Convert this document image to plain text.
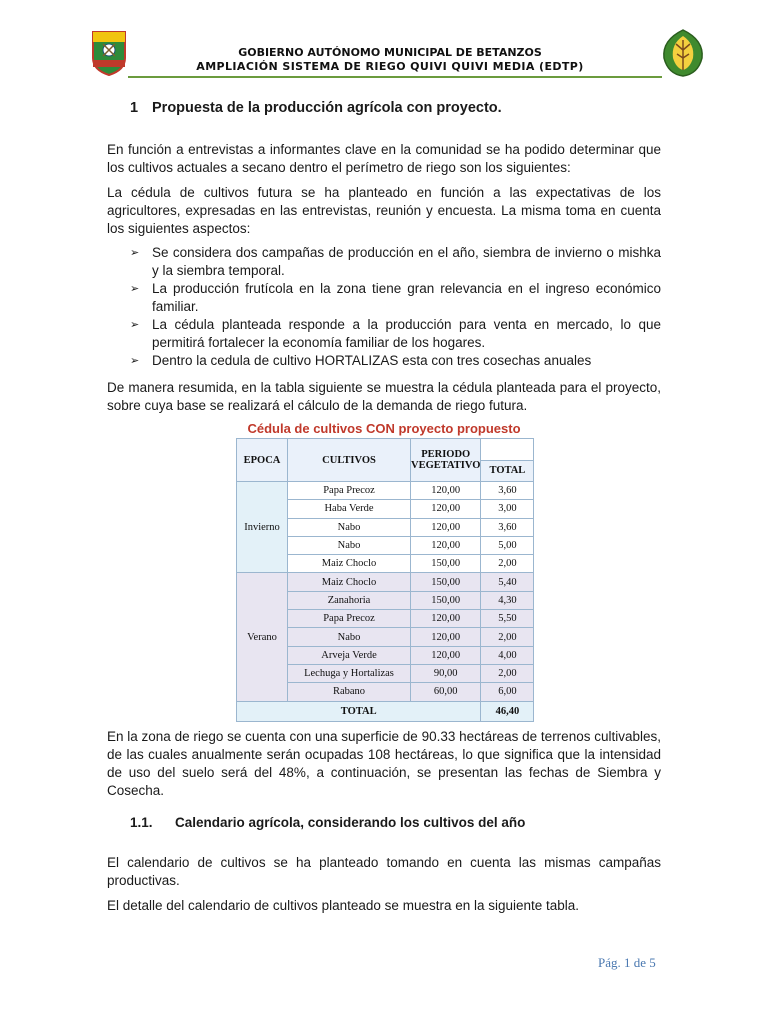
GOBIERNO AUTÓNOMO MUNICIPAL DE BETANZOS
AMPLIACIÓN SISTEMA DE RIEGO QUIVI QUIVI MEDIA (EDTP)
1 Propuesta de la producción agrícola con proyecto.

En función a entrevistas a informantes clave en la comunidad se ha podido determinar que los cultivos actuales a secano dentro el perímetro de riego son los siguientes:

La cédula de cultivos futura se ha planteado en función a las expectativas de los agricultores, expresadas en las entrevistas, reunión y encuesta. La misma toma en cuenta los siguientes aspectos:

➢ Se considera dos campañas de producción en el año, siembra de invierno o mishka y la siembra temporal.
➢ La producción frutícola en la zona tiene gran relevancia en el ingreso económico familiar.
➢ La cédula planteada responde a la producción para venta en mercado, lo que permitirá fortalecer la economía familiar de los hogares.
➢ Dentro la cedula de cultivo HORTALIZAS esta con tres cosechas anuales

De manera resumida, en la tabla siguiente se muestra la cédula planteada para el proyecto, sobre cuya base se realizará el cálculo de la demanda de riego futura.

Cédula de cultivos CON proyecto propuesto
EPOCA	CULTIVOS	PERIODO VEGETATIVO	
			TOTAL
Invierno	Papa Precoz	120,00	3,60
	Haba Verde	120,00	3,00
	Nabo	120,00	3,60
	Nabo	120,00	5,00
	Maiz Choclo	150,00	2,00
Verano	Maiz Choclo	150,00	5,40
	Zanahoria	150,00	4,30
	Papa Precoz	120,00	5,50
	Nabo	120,00	2,00
	Arveja Verde	120,00	4,00
	Lechuga y Hortalizas	90,00	2,00
	Rabano	60,00	6,00
TOTAL			46,40

En la zona de riego se cuenta con una superficie de 90.33 hectáreas de terrenos cultivables, de las cuales anualmente serán ocupadas 108 hectáreas, lo que significa que la intensidad de uso del suelo será del 48%, a continuación, se presentan las fechas de Siembra y Cosecha.

1.1. Calendario agrícola, considerando los cultivos del año

El calendario de cultivos se ha planteado tomando en cuenta las mismas campañas productivas.

El detalle del calendario de cultivos planteado se muestra en la siguiente tabla.

Pág. 1 de 5
